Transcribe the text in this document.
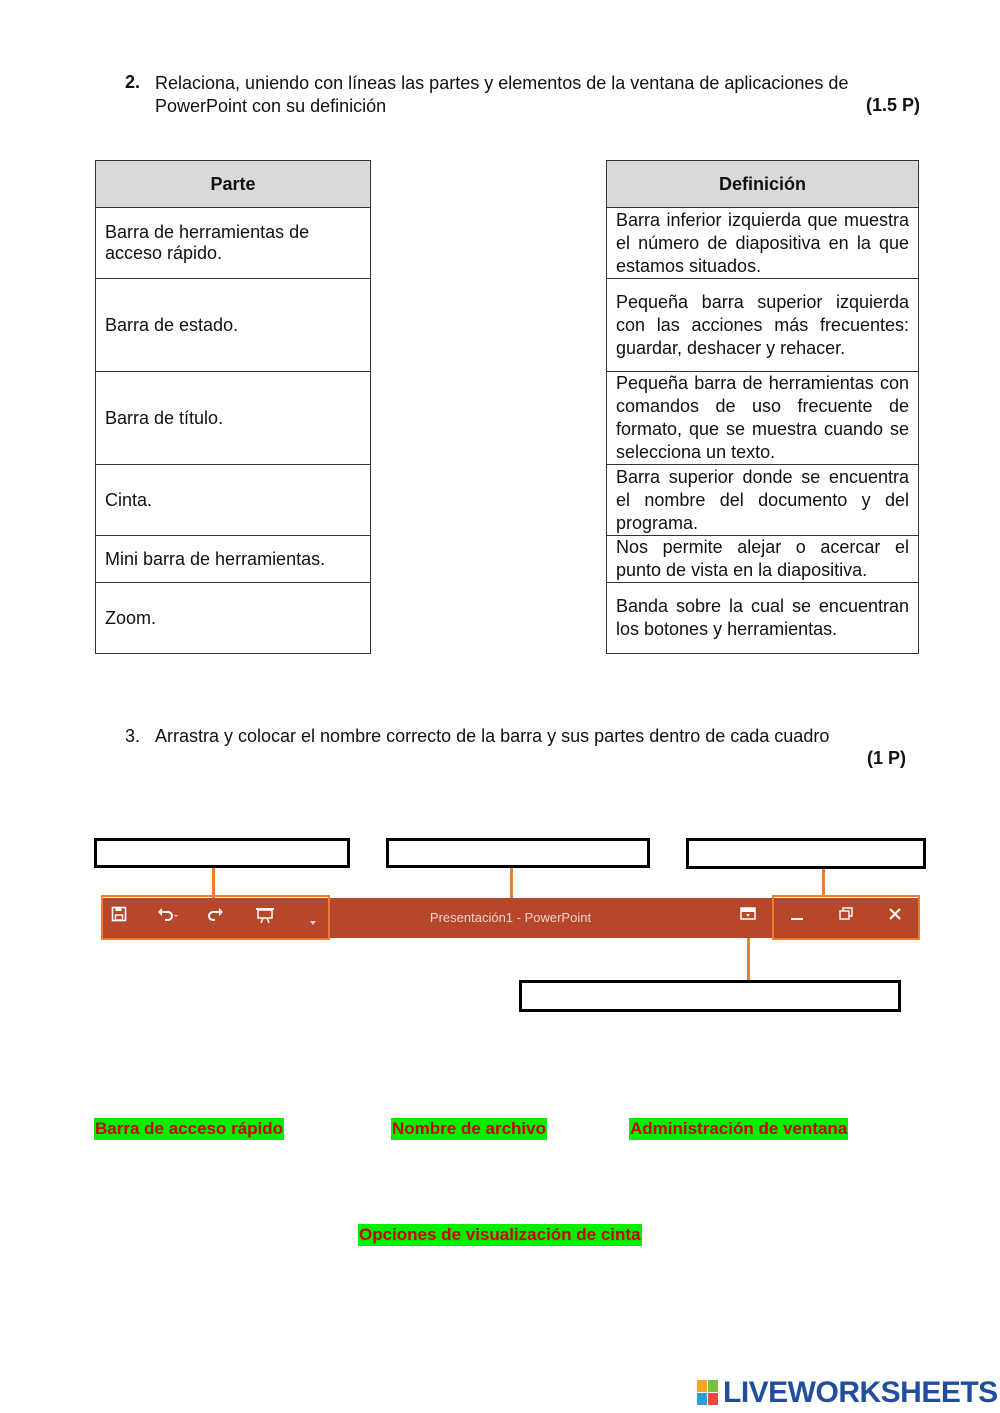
2. Relaciona, uniendo con líneas las partes y elementos de la ventana de aplicaciones de
PowerPoint con su definición	(1.5 P)
Parte
Barra de herramientas de acceso rápido.
Barra de estado.
Barra de título.
Cinta.
Mini barra de herramientas.
Zoom.
Definición
Barra inferior izquierda que muestra el número de diapositiva en la que estamos situados.
Pequeña barra superior izquierda con las acciones más frecuentes: guardar, deshacer y rehacer.
Pequeña barra de herramientas con comandos de uso frecuente de formato, que se muestra cuando se selecciona un texto.
Barra superior donde se encuentra el nombre del documento y del programa.
Nos permite alejar o acercar el punto de vista en la diapositiva.
Banda sobre la cual se encuentran los botones y herramientas.
3. Arrastra y colocar el nombre correcto de la barra y sus partes dentro de cada cuadro
(1 P)
Presentación1 - PowerPoint
Barra de acceso rápido	Nombre de archivo	Administración de ventana
Opciones de visualización de cinta
LIVEWORKSHEETS
